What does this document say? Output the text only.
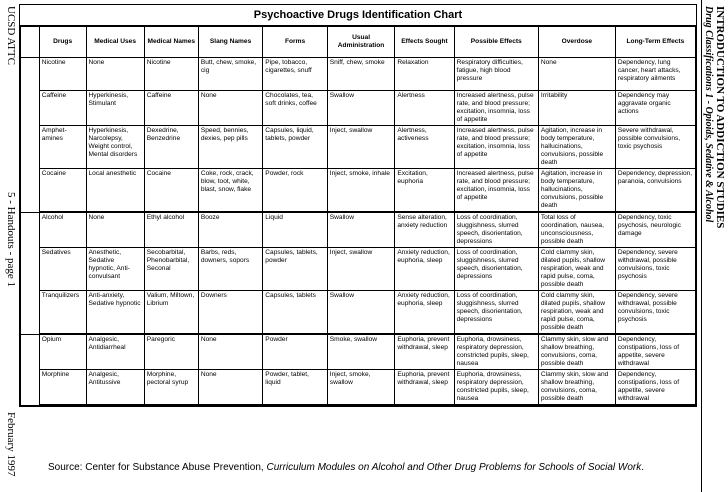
UCSD ATTC
5 - Handouts - page 1
February 1997
INTRODUCTION TO ADDICTION STUDIES
Drug Classifications 1 - Opioids, Sedative & Alcohol
Psychoactive Drugs Identification Chart
	Drugs	Medical Uses	Medical Names	Slang Names	Forms	Usual Administration	Effects Sought	Possible Effects	Overdose	Long-Term Effects
	Nicotine	None	Nicotine	Butt, chew, smoke, cig	Pipe, tobacco, cigarettes, snuff	Sniff, chew, smoke	Relaxation	Respiratory difficulties, fatigue, high blood pressure	None	Dependency, lung cancer, heart attacks, respiratory ailments
	Caffeine	Hyperkinesis, Stimulant	Caffeine	None	Chocolates, tea, soft drinks, coffee	Swallow	Alertness	Increased alertness, pulse rate, and blood pressure; excitation, insomnia, loss of appetite	Irritability	Dependency may aggravate organic actions
	Amphet-amines	Hyperkinesis, Narcolepsy, Weight control, Mental disorders	Dexedrine, Benzedrine	Speed, bennies, dexies, pep pills	Capsules, liquid, tablets, powder	Inject, swallow	Alertness, activeness	Increased alertness, pulse rate, and blood pressure; excitation, insomnia, loss of appetite	Agitation, increase in body temperature, hallucinations, convulsions, possible death	Severe withdrawal, possible convulsions, toxic psychosis
	Cocaine	Local anesthetic	Cocaine	Coke, rock, crack, blow, toot, white, blast, snow, flake	Powder, rock	Inject, smoke, inhale	Excitation, euphoria	Increased alertness, pulse rate, and blood pressure; excitation, insomnia, loss of appetite	Agitation, increase in body temperature, hallucinations, convulsions, possible death	Dependency, depression, paranoia, convulsions
	Alcohol	None	Ethyl alcohol	Booze	Liquid	Swallow	Sense alteration, anxiety reduction	Loss of coordination, sluggishness, slurred speech, disorientation, depressions	Total loss of coordination, nausea, unconsciousness, possible death	Dependency, toxic psychosis, neurologic damage
	Sedatives	Anesthetic, Sedative hypnotic, Anti-convulsant	Secobarbital, Phenobarbital, Seconal	Barbs, reds, downers, sopors	Capsules, tablets, powder	Inject, swallow	Anxiety reduction, euphoria, sleep	Loss of coordination, sluggishness, slurred speech, disorientation, depressions	Cold clammy skin, dilated pupils, shallow respiration, weak and rapid pulse, coma, possible death	Dependency, severe withdrawal, possible convulsions, toxic psychosis
	Tranquilizers	Anti-anxiety, Sedative hypnotic	Valium, Miltown, Librium	Downers	Capsules, tablets	Swallow	Anxiety reduction, euphoria, sleep	Loss of coordination, sluggishness, slurred speech, disorientation, depressions	Cold clammy skin, dilated pupils, shallow respiration, weak and rapid pulse, coma, possible death	Dependency, severe withdrawal, possible convulsions, toxic psychosis
	Opium	Analgesic, Antidiarrheal	Paregoric	None	Powder	Smoke, swallow	Euphoria, prevent withdrawal, sleep	Euphoria, drowsiness, respiratory depression, constricted pupils, sleep, nausea	Clammy skin, slow and shallow breathing, convulsions, coma, possible death	Dependency, constipations, loss of appetite, severe withdrawal
	Morphine	Analgesic, Antitussive	Morphine, pectoral syrup	None	Powder, tablet, liquid	Inject, smoke, swallow	Euphoria, prevent withdrawal, sleep	Euphoria, drowsiness, respiratory depression, constricted pupils, sleep, nausea	Clammy skin, slow and shallow breathing, convulsions, coma, possible death	Dependency, constipations, loss of appetite, severe withdrawal
Source: Center for Substance Abuse Prevention, Curriculum Modules on Alcohol and Other Drug Problems for Schools of Social Work.
